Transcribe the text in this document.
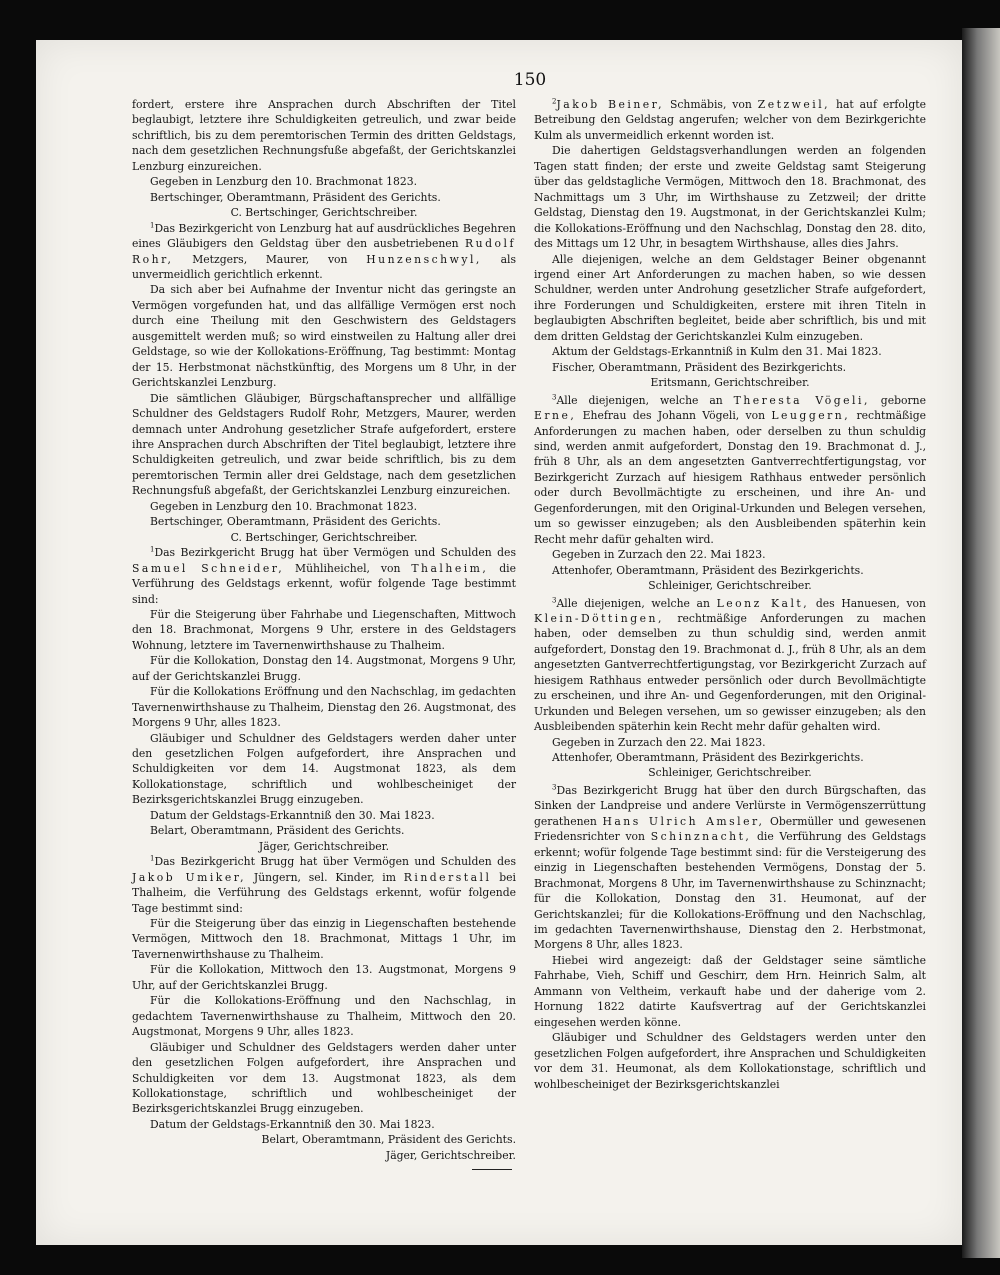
150

fordert, erstere ihre Ansprachen durch Abschriften der Titel beglaubigt, letztere ihre Schuldigkeiten getreulich, und zwar beide schriftlich, bis zu dem peremtorischen Termin des dritten Geldstags, nach dem gesetzlichen Rechnungsfuße abgefaßt, der Gerichtskanzlei Lenzburg einzureichen.

Gegeben in Lenzburg den 10. Brachmonat 1823.

Bertschinger, Oberamtmann, Präsident des Gerichts.

C. Bertschinger, Gerichtschreiber.

$^1$Das Bezirkgericht von Lenzburg hat auf ausdrückliches Begehren eines Gläubigers den Geldstag über den ausbetriebenen Rudolf Rohr, Metzgers, Maurer, von Hunzenschwyl, als unvermeidlich gerichtlich erkennt.

Da sich aber bei Aufnahme der Inventur nicht das geringste an Vermögen vorgefunden hat, und das allfällige Vermögen erst noch durch eine Theilung mit den Geschwistern des Geldstagers ausgemittelt werden muß; so wird einstweilen zu Haltung aller drei Geldstage, so wie der Kollokations-Eröffnung, Tag bestimmt: Montag der 15. Herbstmonat nächstkünftig, des Morgens um 8 Uhr, in der Gerichtskanzlei Lenzburg.

Die sämtlichen Gläubiger, Bürgschaftansprecher und allfällige Schuldner des Geldstagers Rudolf Rohr, Metzgers, Maurer, werden demnach unter Androhung gesetzlicher Strafe aufgefordert, erstere ihre Ansprachen durch Abschriften der Titel beglaubigt, letztere ihre Schuldigkeiten getreulich, und zwar beide schriftlich, bis zu dem peremtorischen Termin aller drei Geldstage, nach dem gesetzlichen Rechnungsfuß abgefaßt, der Gerichtskanzlei Lenzburg einzureichen.

Gegeben in Lenzburg den 10. Brachmonat 1823.

Bertschinger, Oberamtmann, Präsident des Gerichts.

C. Bertschinger, Gerichtschreiber.

$^1$Das Bezirkgericht Brugg hat über Vermögen und Schulden des Samuel Schneider, Mühliheichel, von Thalheim, die Verführung des Geldstags erkennt, wofür folgende Tage bestimmt sind:

Für die Steigerung über Fahrhabe und Liegenschaften, Mittwoch den 18. Brachmonat, Morgens 9 Uhr, erstere in des Geldstagers Wohnung, letztere im Tavernenwirthshause zu Thalheim.

Für die Kollokation, Donstag den 14. Augstmonat, Morgens 9 Uhr, auf der Gerichtskanzlei Brugg.

Für die Kollokations Eröffnung und den Nachschlag, im gedachten Tavernenwirthshause zu Thalheim, Dienstag den 26. Augstmonat, des Morgens 9 Uhr, alles 1823.

Gläubiger und Schuldner des Geldstagers werden daher unter den gesetzlichen Folgen aufgefordert, ihre Ansprachen und Schuldigkeiten vor dem 14. Augstmonat 1823, als dem Kollokationstage, schriftlich und wohlbescheiniget der Bezirksgerichtskanzlei Brugg einzugeben.

Datum der Geldstags-Erkanntniß den 30. Mai 1823.

Belart, Oberamtmann, Präsident des Gerichts.

Jäger, Gerichtschreiber.

$^1$Das Bezirkgericht Brugg hat über Vermögen und Schulden des Jakob Umiker, Jüngern, sel. Kinder, im Rinderstall bei Thalheim, die Verführung des Geldstags erkennt, wofür folgende Tage bestimmt sind:

Für die Steigerung über das einzig in Liegenschaften bestehende Vermögen, Mittwoch den 18. Brachmonat, Mittags 1 Uhr, im Tavernenwirthshause zu Thalheim.

Für die Kollokation, Mittwoch den 13. Augstmonat, Morgens 9 Uhr, auf der Gerichtskanzlei Brugg.

Für die Kollokations-Eröffnung und den Nachschlag, in gedachtem Tavernenwirthshause zu Thalheim, Mittwoch den 20. Augstmonat, Morgens 9 Uhr, alles 1823.

Gläubiger und Schuldner des Geldstagers werden daher unter den gesetzlichen Folgen aufgefordert, ihre Ansprachen und Schuldigkeiten vor dem 13. Augstmonat 1823, als dem Kollokationstage, schriftlich und wohlbescheiniget der Bezirksgerichtskanzlei Brugg einzugeben.

Datum der Geldstags-Erkanntniß den 30. Mai 1823.

Belart, Oberamtmann, Präsident des Gerichts.

Jäger, Gerichtschreiber.

$^2$Jakob Beiner, Schmäbis, von Zetzweil, hat auf erfolgte Betreibung den Geldstag angerufen; welcher von dem Bezirkgerichte Kulm als unvermeidlich erkennt worden ist.

Die dahertigen Geldstagsverhandlungen werden an folgenden Tagen statt finden; der erste und zweite Geldstag samt Steigerung über das geldstagliche Vermögen, Mittwoch den 18. Brachmonat, des Nachmittags um 3 Uhr, im Wirthshause zu Zetzweil; der dritte Geldstag, Dienstag den 19. Augstmonat, in der Gerichtskanzlei Kulm; die Kollokations-Eröffnung und den Nachschlag, Donstag den 28. dito, des Mittags um 12 Uhr, in besagtem Wirthshause, alles dies Jahrs.

Alle diejenigen, welche an dem Geldstager Beiner obgenannt irgend einer Art Anforderungen zu machen haben, so wie dessen Schuldner, werden unter Androhung gesetzlicher Strafe aufgefordert, ihre Forderungen und Schuldigkeiten, erstere mit ihren Titeln in beglaubigten Abschriften begleitet, beide aber schriftlich, bis und mit dem dritten Geldstag der Gerichtskanzlei Kulm einzugeben.

Aktum der Geldstags-Erkanntniß in Kulm den 31. Mai 1823.

Fischer, Oberamtmann, Präsident des Bezirkgerichts.

Eritsmann, Gerichtschreiber.

$^3$Alle diejenigen, welche an Theresta Vögeli, geborne Erne, Ehefrau des Johann Vögeli, von Leuggern, rechtmäßige Anforderungen zu machen haben, oder derselben zu thun schuldig sind, werden anmit aufgefordert, Donstag den 19. Brachmonat d. J., früh 8 Uhr, als an dem angesetzten Gantverrechtfertigungstag, vor Bezirkgericht Zurzach auf hiesigem Rathhaus entweder persönlich oder durch Bevollmächtigte zu erscheinen, und ihre An- und Gegenforderungen, mit den Original-Urkunden und Belegen versehen, um so gewisser einzugeben; als den Ausbleibenden späterhin kein Recht mehr dafür gehalten wird.

Gegeben in Zurzach den 22. Mai 1823.

Attenhofer, Oberamtmann, Präsident des Bezirkgerichts.

Schleiniger, Gerichtschreiber.

$^3$Alle diejenigen, welche an Leonz Kalt, des Hanuesen, von Klein-Döttingen, rechtmäßige Anforderungen zu machen haben, oder demselben zu thun schuldig sind, werden anmit aufgefordert, Donstag den 19. Brachmonat d. J., früh 8 Uhr, als an dem angesetzten Gantverrechtfertigungstag, vor Bezirkgericht Zurzach auf hiesigem Rathhaus entweder persönlich oder durch Bevollmächtigte zu erscheinen, und ihre An- und Gegenforderungen, mit den Original-Urkunden und Belegen versehen, um so gewisser einzugeben; als den Ausbleibenden späterhin kein Recht mehr dafür gehalten wird.

Gegeben in Zurzach den 22. Mai 1823.

Attenhofer, Oberamtmann, Präsident des Bezirkgerichts.

Schleiniger, Gerichtschreiber.

$^3$Das Bezirkgericht Brugg hat über den durch Bürgschaften, das Sinken der Landpreise und andere Verlürste in Vermögenszerrüttung gerathenen Hans Ulrich Amsler, Obermüller und gewesenen Friedensrichter von Schinznacht, die Verführung des Geldstags erkennt; wofür folgende Tage bestimmt sind: für die Versteigerung des einzig in Liegenschaften bestehenden Vermögens, Donstag der 5. Brachmonat, Morgens 8 Uhr, im Tavernenwirthshause zu Schinznacht; für die Kollokation, Donstag den 31. Heumonat, auf der Gerichtskanzlei; für die Kollokations-Eröffnung und den Nachschlag, im gedachten Tavernenwirthshause, Dienstag den 2. Herbstmonat, Morgens 8 Uhr, alles 1823.

Hiebei wird angezeigt: daß der Geldstager seine sämtliche Fahrhabe, Vieh, Schiff und Geschirr, dem Hrn. Heinrich Salm, alt Ammann von Veltheim, verkauft habe und der daherige vom 2. Hornung 1822 datirte Kaufsvertrag auf der Gerichtskanzlei eingesehen werden könne.

Gläubiger und Schuldner des Geldstagers werden unter den gesetzlichen Folgen aufgefordert, ihre Ansprachen und Schuldigkeiten vor dem 31. Heumonat, als dem Kollokationstage, schriftlich und wohlbescheiniget der Bezirksgerichtskanzlei
